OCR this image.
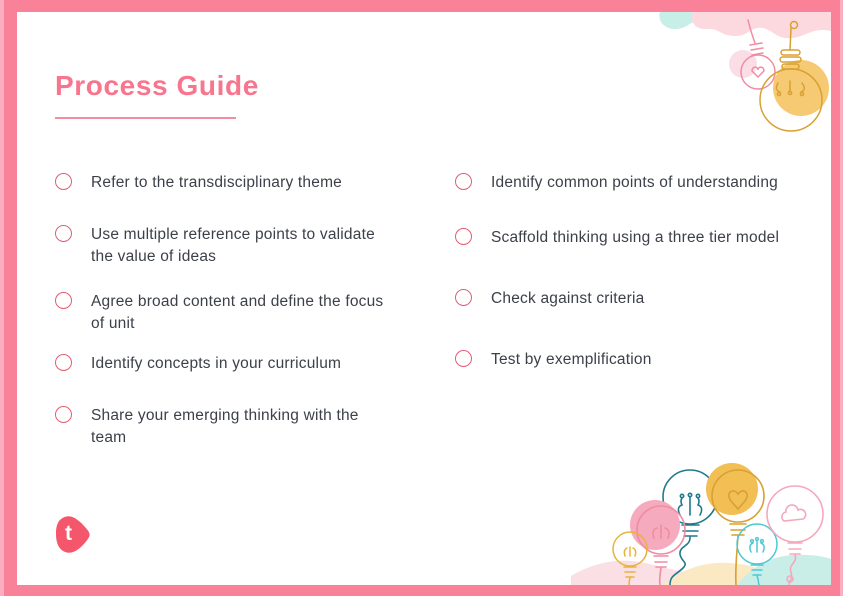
Process Guide
Refer to the transdisciplinary theme
Use multiple reference points to validate the value of ideas
Agree broad content and define the focus of unit
Identify concepts in your curriculum
Share your emerging thinking with the team
Identify common points of understanding
Scaffold thinking using a three tier model
Check against criteria
Test by exemplification
t
